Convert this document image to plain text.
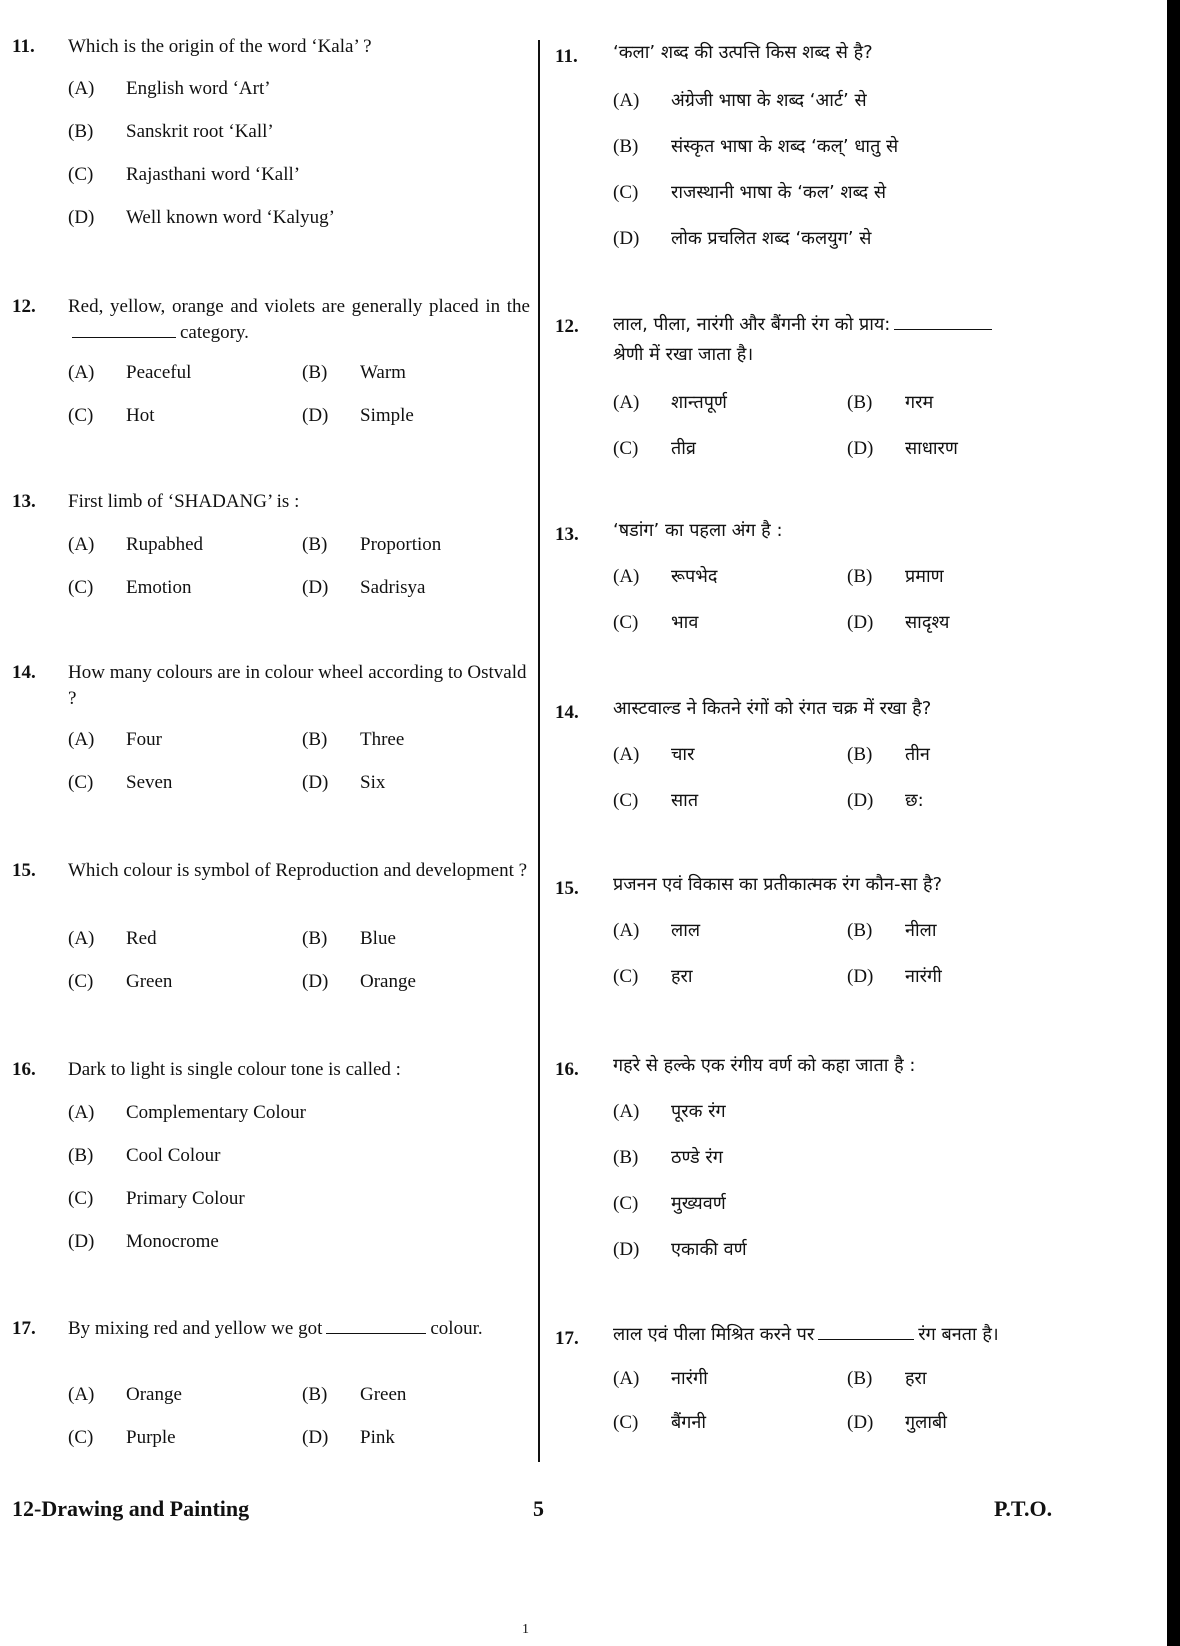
11. Which is the origin of the word ‘Kala’ ?
(A) English word ‘Art’
(B) Sanskrit root ‘Kall’
(C) Rajasthani word ‘Kall’
(D) Well known word ‘Kalyug’
12. Red, yellow, orange and violets are generally placed in thecategory.
(A) Peaceful	(B) Warm
(C) Hot	(D) Simple
13. First limb of ‘SHADANG’ is :
(A) Rupabhed	(B) Proportion
(C) Emotion	(D) Sadrisya
14. How many colours are in colour wheel according to Ostvald ?
(A) Four	(B) Three
(C) Seven	(D) Six
15. Which colour is symbol of Reproduction and development ?
(A) Red	(B) Blue
(C) Green	(D) Orange
16. Dark to light is single colour tone is called :
(A) Complementary Colour
(B) Cool Colour
(C) Primary Colour
(D) Monocrome
17. By mixing red and yellow we got	colour.
(A) Orange	(B) Green
(C) Purple	(D) Pink
11. ‘कला’ शब्द की उत्पत्ति किस शब्द से है?
(A) अंग्रेजी भाषा के शब्द ‘आर्ट’ से
(B) संस्कृत भाषा के शब्द ‘कल्’ धातु से
(C) राजस्थानी भाषा के ‘कल’ शब्द से
(D) लोक प्रचलित शब्द ‘कलयुग’ से
12. लाल, पीला, नारंगी और बैंगनी रंग को प्राय:
श्रेणी में रखा जाता है।
(A) शान्तपूर्ण	(B) गरम
(C) तीव्र	(D) साधारण
13. ‘षडांग’ का पहला अंग है :
(A) रूपभेद	(B) प्रमाण
(C) भाव	(D) सादृश्य
14. आस्टवाल्ड ने कितने रंगों को रंगत चक्र में रखा है?
(A) चार	(B) तीन
(C) सात	(D) छ:
15. प्रजनन एवं विकास का प्रतीकात्मक रंग कौन-सा है?
(A) लाल	(B) नीला
(C) हरा	(D) नारंगी
16. गहरे से हल्के एक रंगीय वर्ण को कहा जाता है :
(A) पूरक रंग
(B) ठण्डे रंग
(C) मुख्यवर्ण
(D) एकाकी वर्ण
17. लाल एवं पीला मिश्रित करने पर	रंग बनता है।
(A) नारंगी	(B) हरा
(C) बैंगनी	(D) गुलाबी
12-Drawing and Painting	5	P.T.O.
1
